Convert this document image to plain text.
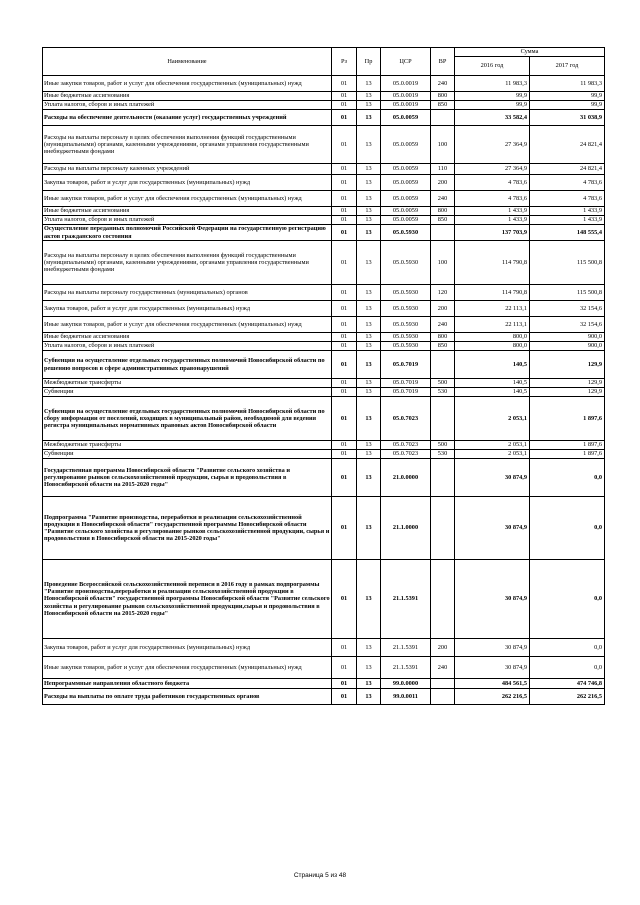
Наименование	Рз	Пр	ЦСР	ВР	Сумма	
					2016 год	2017 год
Иные закупки товаров, работ и услуг для обеспечения государственных (муниципальных) нужд	01	13	05.0.0019	240	11 983,3	11 983,3
Иные бюджетные ассигнования	01	13	05.0.0019	800	99,9	99,9
Уплата налогов, сборов и иных платежей	01	13	05.0.0019	850	99,9	99,9
Расходы на обеспечение деятельности (оказание услуг) государственных учреждений	01	13	05.0.0059		33 582,4	31 038,9
Расходы на выплаты персоналу в целях обеспечения выполнения функций государственными (муниципальными) органами, казенными учреждениями, органами управления государственными внебюджетными фондами	01	13	05.0.0059	100	27 364,9	24 821,4
Расходы на выплаты персоналу казенных учреждений	01	13	05.0.0059	110	27 364,9	24 821,4
Закупка товаров, работ и услуг для государственных (муниципальных) нужд	01	13	05.0.0059	200	4 783,6	4 783,6
Иные закупки товаров, работ и услуг для обеспечения государственных (муниципальных) нужд	01	13	05.0.0059	240	4 783,6	4 783,6
Иные бюджетные ассигнования	01	13	05.0.0059	800	1 433,9	1 433,9
Уплата налогов, сборов и иных платежей	01	13	05.0.0059	850	1 433,9	1 433,9
Осуществление переданных полномочий Российской Федерации на государственную регистрацию актов гражданского состояния	01	13	05.0.5930		137 703,9	148 555,4
Расходы на выплаты персоналу в целях обеспечения выполнения функций государственными (муниципальными) органами, казенными учреждениями, органами управления государственными внебюджетными фондами	01	13	05.0.5930	100	114 790,8	115 500,8
Расходы на выплаты персоналу государственных (муниципальных) органов	01	13	05.0.5930	120	114 790,8	115 500,8
Закупка товаров, работ и услуг для государственных (муниципальных) нужд	01	13	05.0.5930	200	22 113,1	32 154,6
Иные закупки товаров, работ и услуг для обеспечения государственных (муниципальных) нужд	01	13	05.0.5930	240	22 113,1	32 154,6
Иные бюджетные ассигнования	01	13	05.0.5930	800	800,0	900,0
Уплата налогов, сборов и иных платежей	01	13	05.0.5930	850	800,0	900,0
Субвенция на осуществление отдельных государственных полномочий Новосибирской области по решению вопросов в сфере административных правонарушений	01	13	05.0.7019		140,5	129,9
Межбюджетные трансферты	01	13	05.0.7019	500	140,5	129,9
Субвенции	01	13	05.0.7019	530	140,5	129,9
Субвенция на осуществление отдельных государственных полномочий Новосибирской области по сбору информации от поселений, входящих в муниципальный район, необходимой для ведения регистра муниципальных нормативных правовых актов Новосибирской области	01	13	05.0.7023		2 053,1	1 897,6
Межбюджетные трансферты	01	13	05.0.7023	500	2 053,1	1 897,6
Субвенции	01	13	05.0.7023	530	2 053,1	1 897,6
Государственная программа Новосибирской области "Развитие сельского хозяйства и регулирование рынков сельскохозяйственной продукции, сырья и продовольствия в Новосибирской области на 2015-2020 годы"	01	13	21.0.0000		30 874,9	0,0
Подпрограмма "Развитие производства, переработки и реализации сельскохозяйственной продукции в Новосибирской области" государственной программы Новосибирской области "Развитие сельского хозяйства и регулирование рынков сельскохозяйственной продукции, сырья и продовольствия в Новосибирской области на 2015-2020 годы"	01	13	21.1.0000		30 874,9	0,0
Проведение Всероссийской сельскохозяйственной переписи в 2016 году в рамках подпрограммы "Развитие производства,переработки и реализации сельскохозяйственной продукции в Новосибирской области" государственной программы Новосибирской области "Развитие сельского хозяйства и регулирование рынков сельскохозяйственной продукции,сырья и продовольствия в Новосибирской области на 2015-2020 годы"	01	13	21.1.5391		30 874,9	0,0
Закупка товаров, работ и услуг для государственных (муниципальных) нужд	01	13	21.1.5391	200	30 874,9	0,0
Иные закупки товаров, работ и услуг для обеспечения государственных (муниципальных) нужд	01	13	21.1.5391	240	30 874,9	0,0
Непрограммные направления областного бюджета	01	13	99.0.0000		484 561,5	474 746,8
Расходы на выплаты по оплате труда работников государственных органов	01	13	99.0.0011		262 216,5	262 216,5
Страница 5 из 48
